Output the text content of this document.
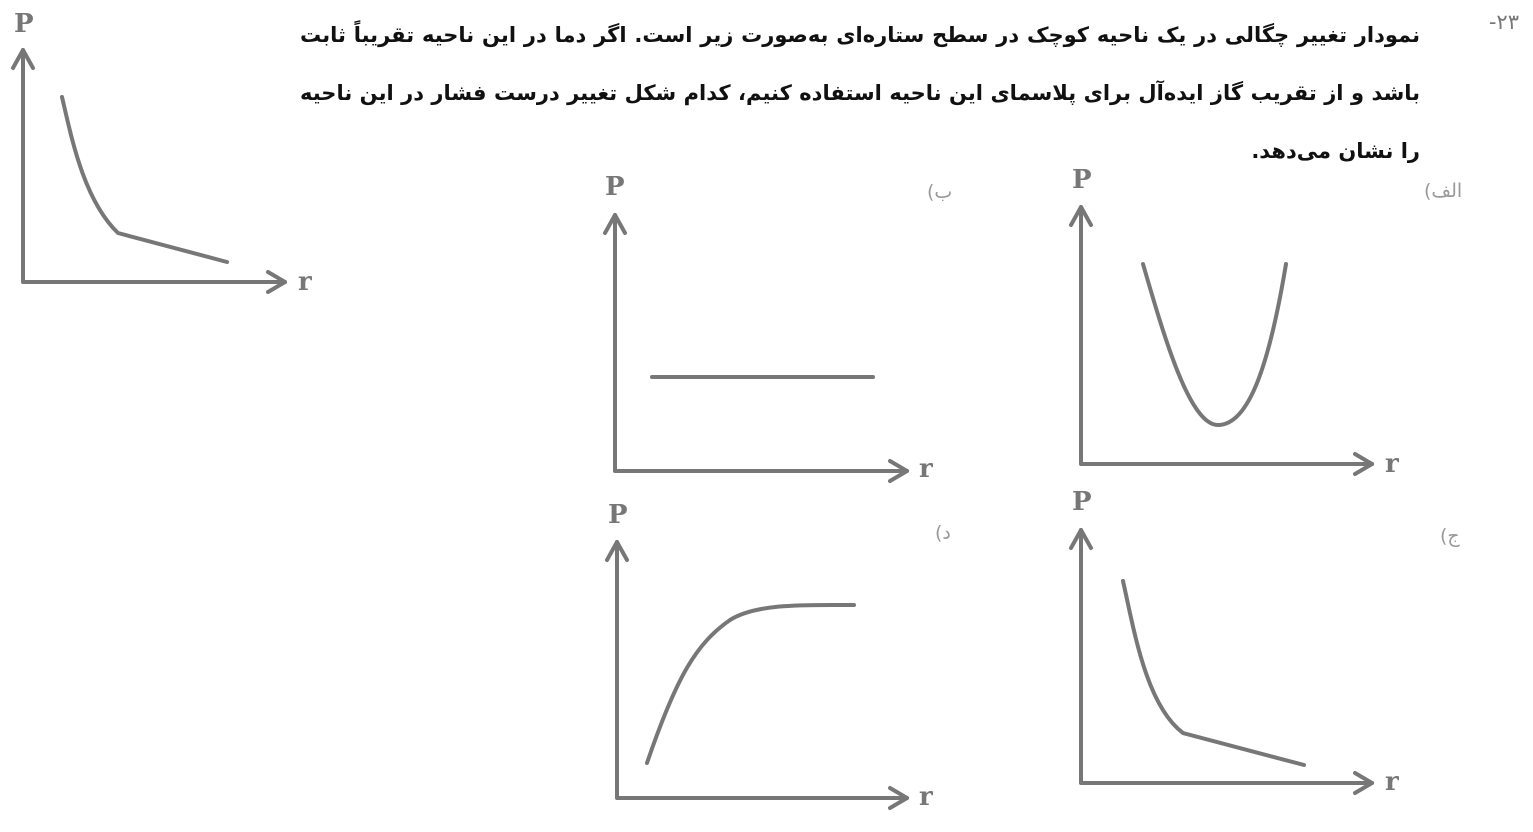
-۲۳
نمودار تغییر چگالی در یک ناحیه کوچک در سطح ستاره‌ای به‌صورت زیر است. اگر دما در این ناحیه تقریباً ثابت باشد و از تقریب گاز ایده‌آل برای پلاسمای این ناحیه استفاده کنیم، کدام شکل تغییر درست فشار در این ناحیه را نشان می‌دهد.
P
r
الف)
ب)
ج)
د)
P
r
P
r
P
r
P
r
